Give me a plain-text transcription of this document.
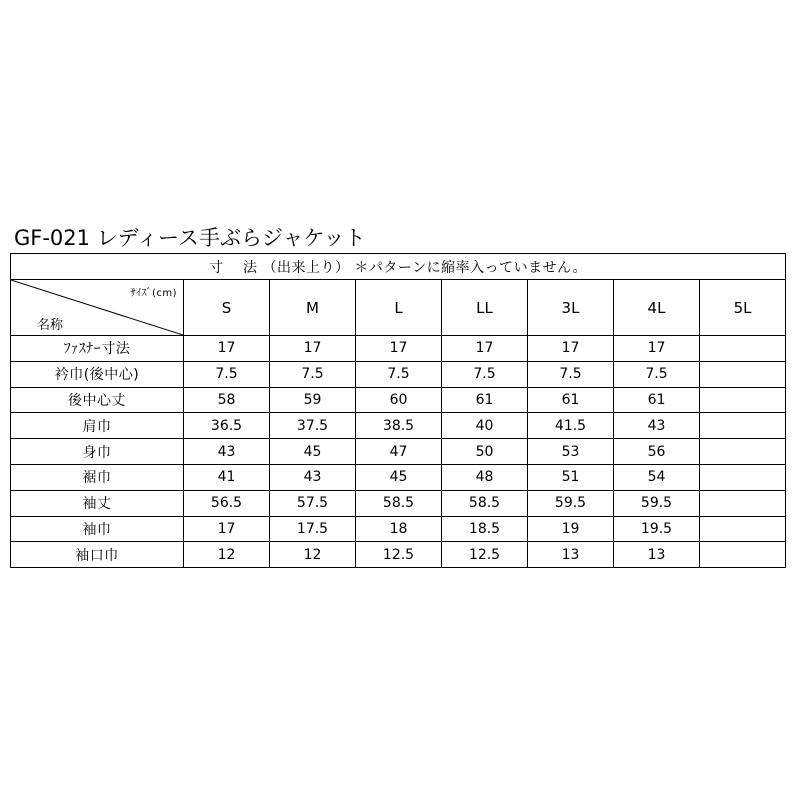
GF-021 レディース手ぶらジャケット
寸　 法 （出来上り） ＊パターンに縮率入っていません。							

ｻｲｽﾞ(cm)
名称	S	M	L	LL	3L	4L	5L
ﾌｧｽﾅｰ寸法	17	17	17	17	17	17	
衿巾(後中心)	7.5	7.5	7.5	7.5	7.5	7.5	
後中心丈	58	59	60	61	61	61	
肩巾	36.5	37.5	38.5	40	41.5	43	
身巾	43	45	47	50	53	56	
裾巾	41	43	45	48	51	54	
袖丈	56.5	57.5	58.5	58.5	59.5	59.5	
袖巾	17	17.5	18	18.5	19	19.5	
袖口巾	12	12	12.5	12.5	13	13	
